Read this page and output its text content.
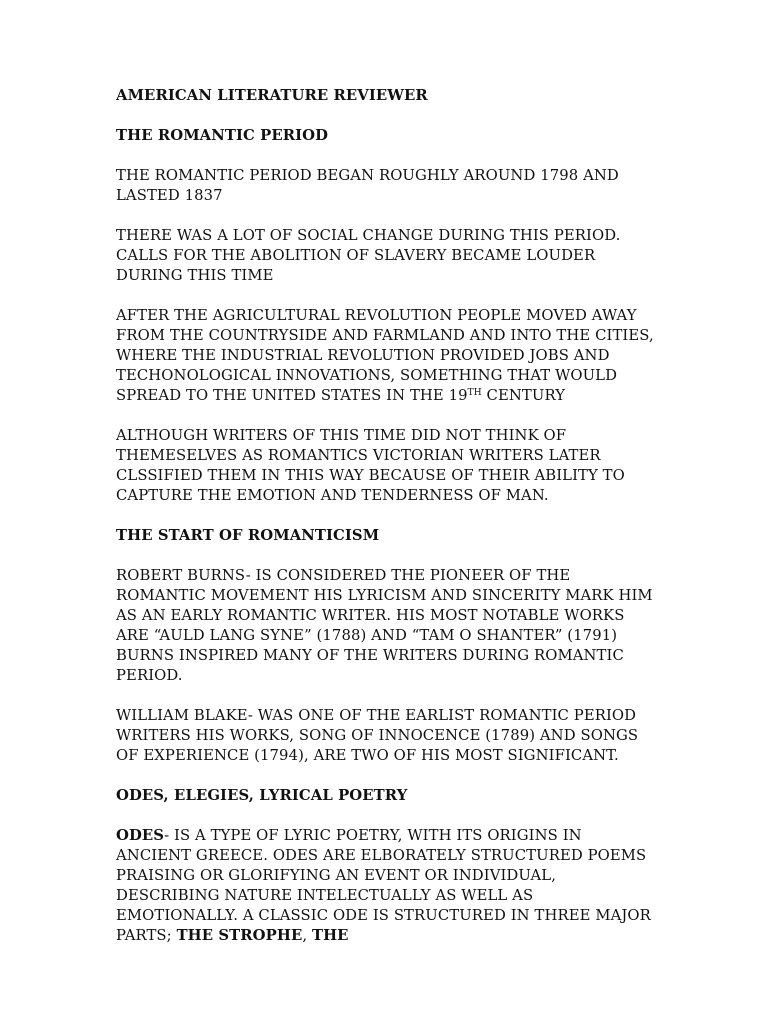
AMERICAN LITERATURE REVIEWER
THE ROMANTIC PERIOD
THE ROMANTIC PERIOD BEGAN ROUGHLY AROUND 1798 AND LASTED 1837
THERE WAS A LOT OF SOCIAL CHANGE DURING THIS PERIOD. CALLS FOR THE ABOLITION OF SLAVERY BECAME LOUDER DURING THIS TIME
AFTER THE AGRICULTURAL REVOLUTION PEOPLE MOVED AWAY FROM THE COUNTRYSIDE AND FARMLAND AND INTO THE CITIES, WHERE THE INDUSTRIAL REVOLUTION PROVIDED JOBS AND TECHONOLOGICAL INNOVATIONS, SOMETHING THAT WOULD SPREAD TO THE UNITED STATES IN THE 19TH CENTURY
ALTHOUGH WRITERS OF THIS TIME DID NOT THINK OF THEMESELVES AS ROMANTICS VICTORIAN WRITERS LATER CLSSIFIED THEM IN THIS WAY BECAUSE OF THEIR ABILITY TO CAPTURE THE EMOTION AND TENDERNESS OF MAN.
THE START OF ROMANTICISM
ROBERT BURNS- IS CONSIDERED THE PIONEER OF THE ROMANTIC MOVEMENT HIS LYRICISM AND SINCERITY MARK HIM AS AN EARLY ROMANTIC WRITER. HIS MOST NOTABLE WORKS ARE “AULD LANG SYNE” (1788) AND “TAM O SHANTER” (1791) BURNS INSPIRED MANY OF THE WRITERS DURING ROMANTIC PERIOD.
WILLIAM BLAKE- WAS ONE OF THE EARLIST ROMANTIC PERIOD WRITERS HIS WORKS, SONG OF INNOCENCE (1789) AND SONGS OF EXPERIENCE (1794), ARE TWO OF HIS MOST SIGNIFICANT.
ODES, ELEGIES, LYRICAL POETRY
ODES- IS A TYPE OF LYRIC POETRY, WITH ITS ORIGINS IN ANCIENT GREECE. ODES ARE ELBORATELY STRUCTURED POEMS PRAISING OR GLORIFYING AN EVENT OR INDIVIDUAL, DESCRIBING NATURE INTELECTUALLY AS WELL AS EMOTIONALLY. A CLASSIC ODE IS STRUCTURED IN THREE MAJOR PARTS; THE STROPHE, THE
